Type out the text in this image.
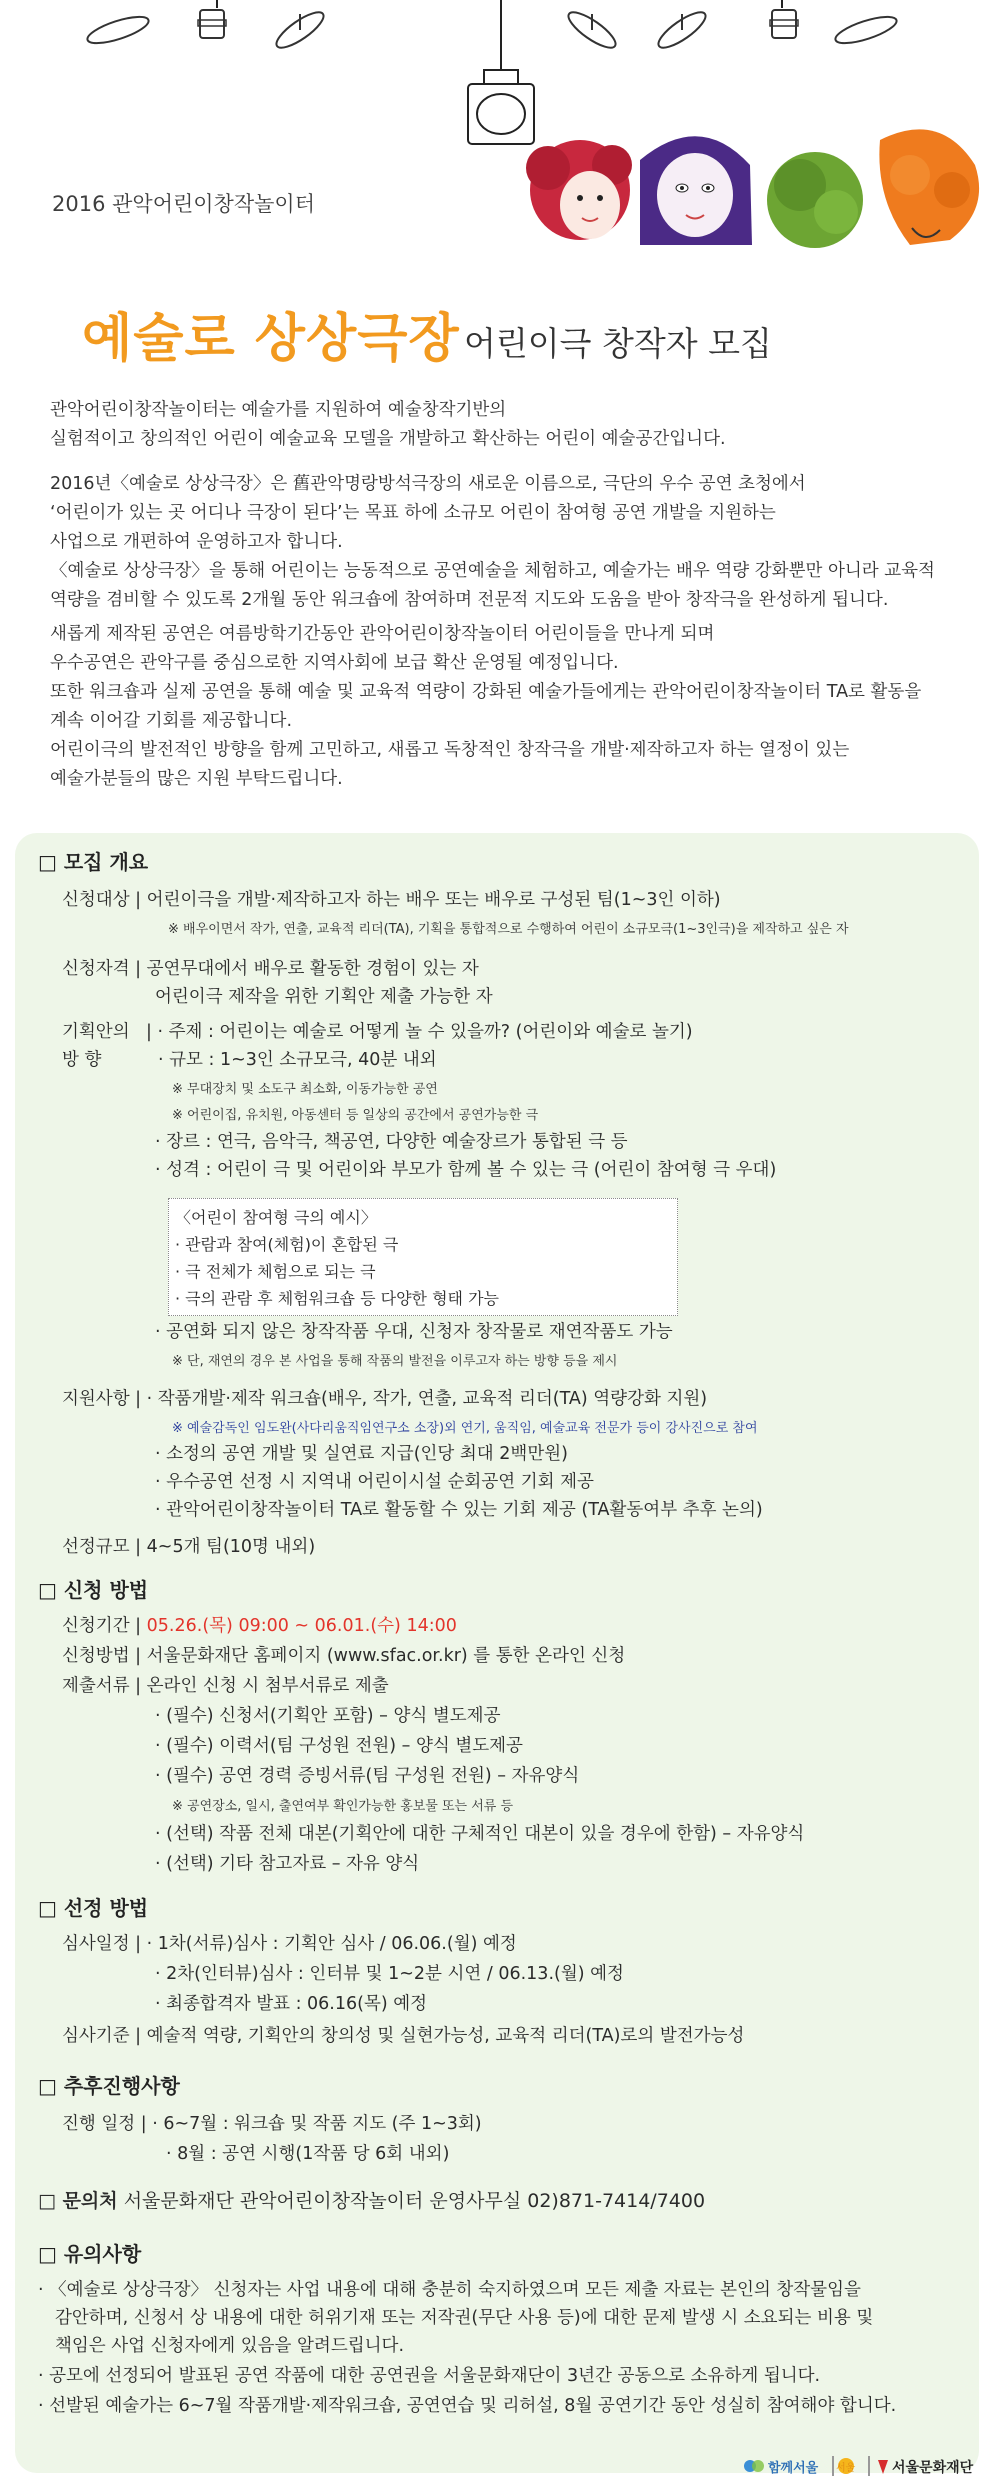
2016 관악어린이창작놀이터
예술로 상상극장 어린이극 창작자 모집

관악어린이창작놀이터는 예술가를 지원하여 예술창작기반의

실험적이고 창의적인 어린이 예술교육 모델을 개발하고 확산하는 어린이 예술공간입니다.

2016년〈예술로 상상극장〉은 舊관악명랑방석극장의 새로운 이름으로, 극단의 우수 공연 초청에서

‘어린이가 있는 곳 어디나 극장이 된다’는 목표 하에 소규모 어린이 참여형 공연 개발을 지원하는

사업으로 개편하여 운영하고자 합니다.

〈예술로 상상극장〉을 통해 어린이는 능동적으로 공연예술을 체험하고, 예술가는 배우 역량 강화뿐만 아니라 교육적

역량을 겸비할 수 있도록 2개월 동안 워크숍에 참여하며 전문적 지도와 도움을 받아 창작극을 완성하게 됩니다.

새롭게 제작된 공연은 여름방학기간동안 관악어린이창작놀이터 어린이들을 만나게 되며

우수공연은 관악구를 중심으로한 지역사회에 보급 확산 운영될 예정입니다.

또한 워크숍과 실제 공연을 통해 예술 및 교육적 역량이 강화된 예술가들에게는 관악어린이창작놀이터 TA로 활동을

계속 이어갈 기회를 제공합니다.

어린이극의 발전적인 방향을 함께 고민하고, 새롭고 독창적인 창작극을 개발·제작하고자 하는 열정이 있는

예술가분들의 많은 지원 부탁드립니다.

□ 모집 개요
신청대상 | 어린이극을 개발·제작하고자 하는 배우 또는 배우로 구성된 팀(1~3인 이하)
※ 배우이면서 작가, 연출, 교육적 리더(TA), 기획을 통합적으로 수행하여 어린이 소규모극(1~3인극)을 제작하고 싶은 자
신청자격 | 공연무대에서 배우로 활동한 경험이 있는 자
어린이극 제작을 위한 기획안 제출 가능한 자
기획안의
방 향
| · 주제 : 어린이는 예술로 어떻게 놀 수 있을까? (어린이와 예술로 놀기)
· 규모 : 1~3인 소규모극, 40분 내외
※ 무대장치 및 소도구 최소화, 이동가능한 공연
※ 어린이집, 유치원, 아동센터 등 일상의 공간에서 공연가능한 극
· 장르 : 연극, 음악극, 책공연, 다양한 예술장르가 통합된 극 등
· 성격 : 어린이 극 및 어린이와 부모가 함께 볼 수 있는 극 (어린이 참여형 극 우대)
〈어린이 참여형 극의 예시〉
· 관람과 참여(체험)이 혼합된 극
· 극 전체가 체험으로 되는 극
· 극의 관람 후 체험워크숍 등 다양한 형태 가능
· 공연화 되지 않은 창작작품 우대, 신청자 창작물로 재연작품도 가능
※ 단, 재연의 경우 본 사업을 통해 작품의 발전을 이루고자 하는 방향 등을 제시
지원사항 | · 작품개발·제작 워크숍(배우, 작가, 연출, 교육적 리더(TA) 역량강화 지원)
※ 예술감독인 임도완(사다리움직임연구소 소장)외 연기, 움직임, 예술교육 전문가 등이 강사진으로 참여
· 소정의 공연 개발 및 실연료 지급(인당 최대 2백만원)
· 우수공연 선정 시 지역내 어린이시설 순회공연 기회 제공
· 관악어린이창작놀이터 TA로 활동할 수 있는 기회 제공 (TA활동여부 추후 논의)
선정규모 | 4~5개 팀(10명 내외)
□ 신청 방법
신청기간 | 05.26.(목) 09:00 ~ 06.01.(수) 14:00
신청방법 | 서울문화재단 홈페이지 (www.sfac.or.kr) 를 통한 온라인 신청
제출서류 | 온라인 신청 시 첨부서류로 제출
· (필수) 신청서(기획안 포함) – 양식 별도제공
· (필수) 이력서(팀 구성원 전원) – 양식 별도제공
· (필수) 공연 경력 증빙서류(팀 구성원 전원) – 자유양식
※ 공연장소, 일시, 출연여부 확인가능한 홍보물 또는 서류 등
· (선택) 작품 전체 대본(기획안에 대한 구체적인 대본이 있을 경우에 한함) – 자유양식
· (선택) 기타 참고자료 – 자유 양식
□ 선정 방법
심사일정 | · 1차(서류)심사 : 기획안 심사 / 06.06.(월) 예정
· 2차(인터뷰)심사 : 인터뷰 및 1~2분 시연 / 06.13.(월) 예정
· 최종합격자 발표 : 06.16(목) 예정
심사기준 | 예술적 역량, 기획안의 창의성 및 실현가능성, 교육적 리더(TA)로의 발전가능성
□ 추후진행사항
진행 일정 | · 6~7월 : 워크숍 및 작품 지도 (주 1~3회)
· 8월 : 공연 시행(1작품 당 6회 내외)
□ 문의처 서울문화재단 관악어린이창작놀이터 운영사무실 02)871-7414/7400
□ 유의사항
· 〈예술로 상상극장〉 신청자는 사업 내용에 대해 충분히 숙지하였으며 모든 제출 자료는 본인의 창작물임을
감안하며, 신청서 상 내용에 대한 허위기재 또는 저작권(무단 사용 등)에 대한 문제 발생 시 소요되는 비용 및
책임은 사업 신청자에게 있음을 알려드립니다.
· 공모에 선정되어 발표된 공연 작품에 대한 공연권을 서울문화재단이 3년간 공동으로 소유하게 됩니다.
· 선발된 예술가는 6~7월 작품개발·제작워크숍, 공연연습 및 리허설, 8월 공연기간 동안 성실히 참여해야 합니다.
함께서울 서울	서울문화재단
